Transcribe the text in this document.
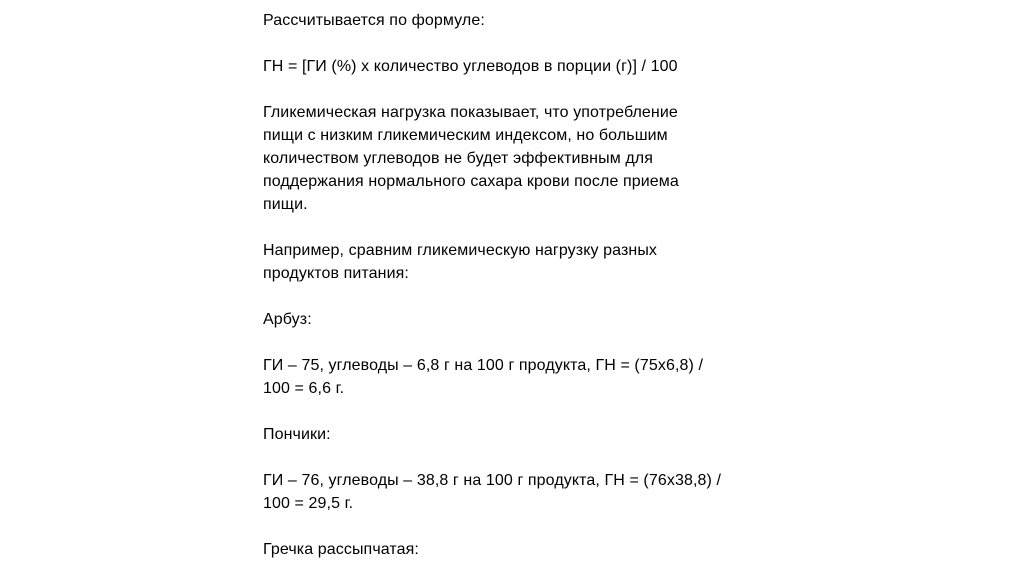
Рассчитывается по формуле:

ГН = [ГИ (%) х количество углеводов в порции (г)] / 100

Гликемическая нагрузка показывает, что употребление
пищи с низким гликемическим индексом, но большим
количеством углеводов не будет эффективным для
поддержания нормального сахара крови после приема
пищи.

Например, сравним гликемическую нагрузку разных
продуктов питания:

Арбуз:

ГИ – 75, углеводы – 6,8 г на 100 г продукта, ГН = (75х6,8) /
100 = 6,6 г.

Пончики:

ГИ – 76, углеводы – 38,8 г на 100 г продукта, ГН = (76х38,8) /
100 = 29,5 г.

Гречка рассыпчатая:
